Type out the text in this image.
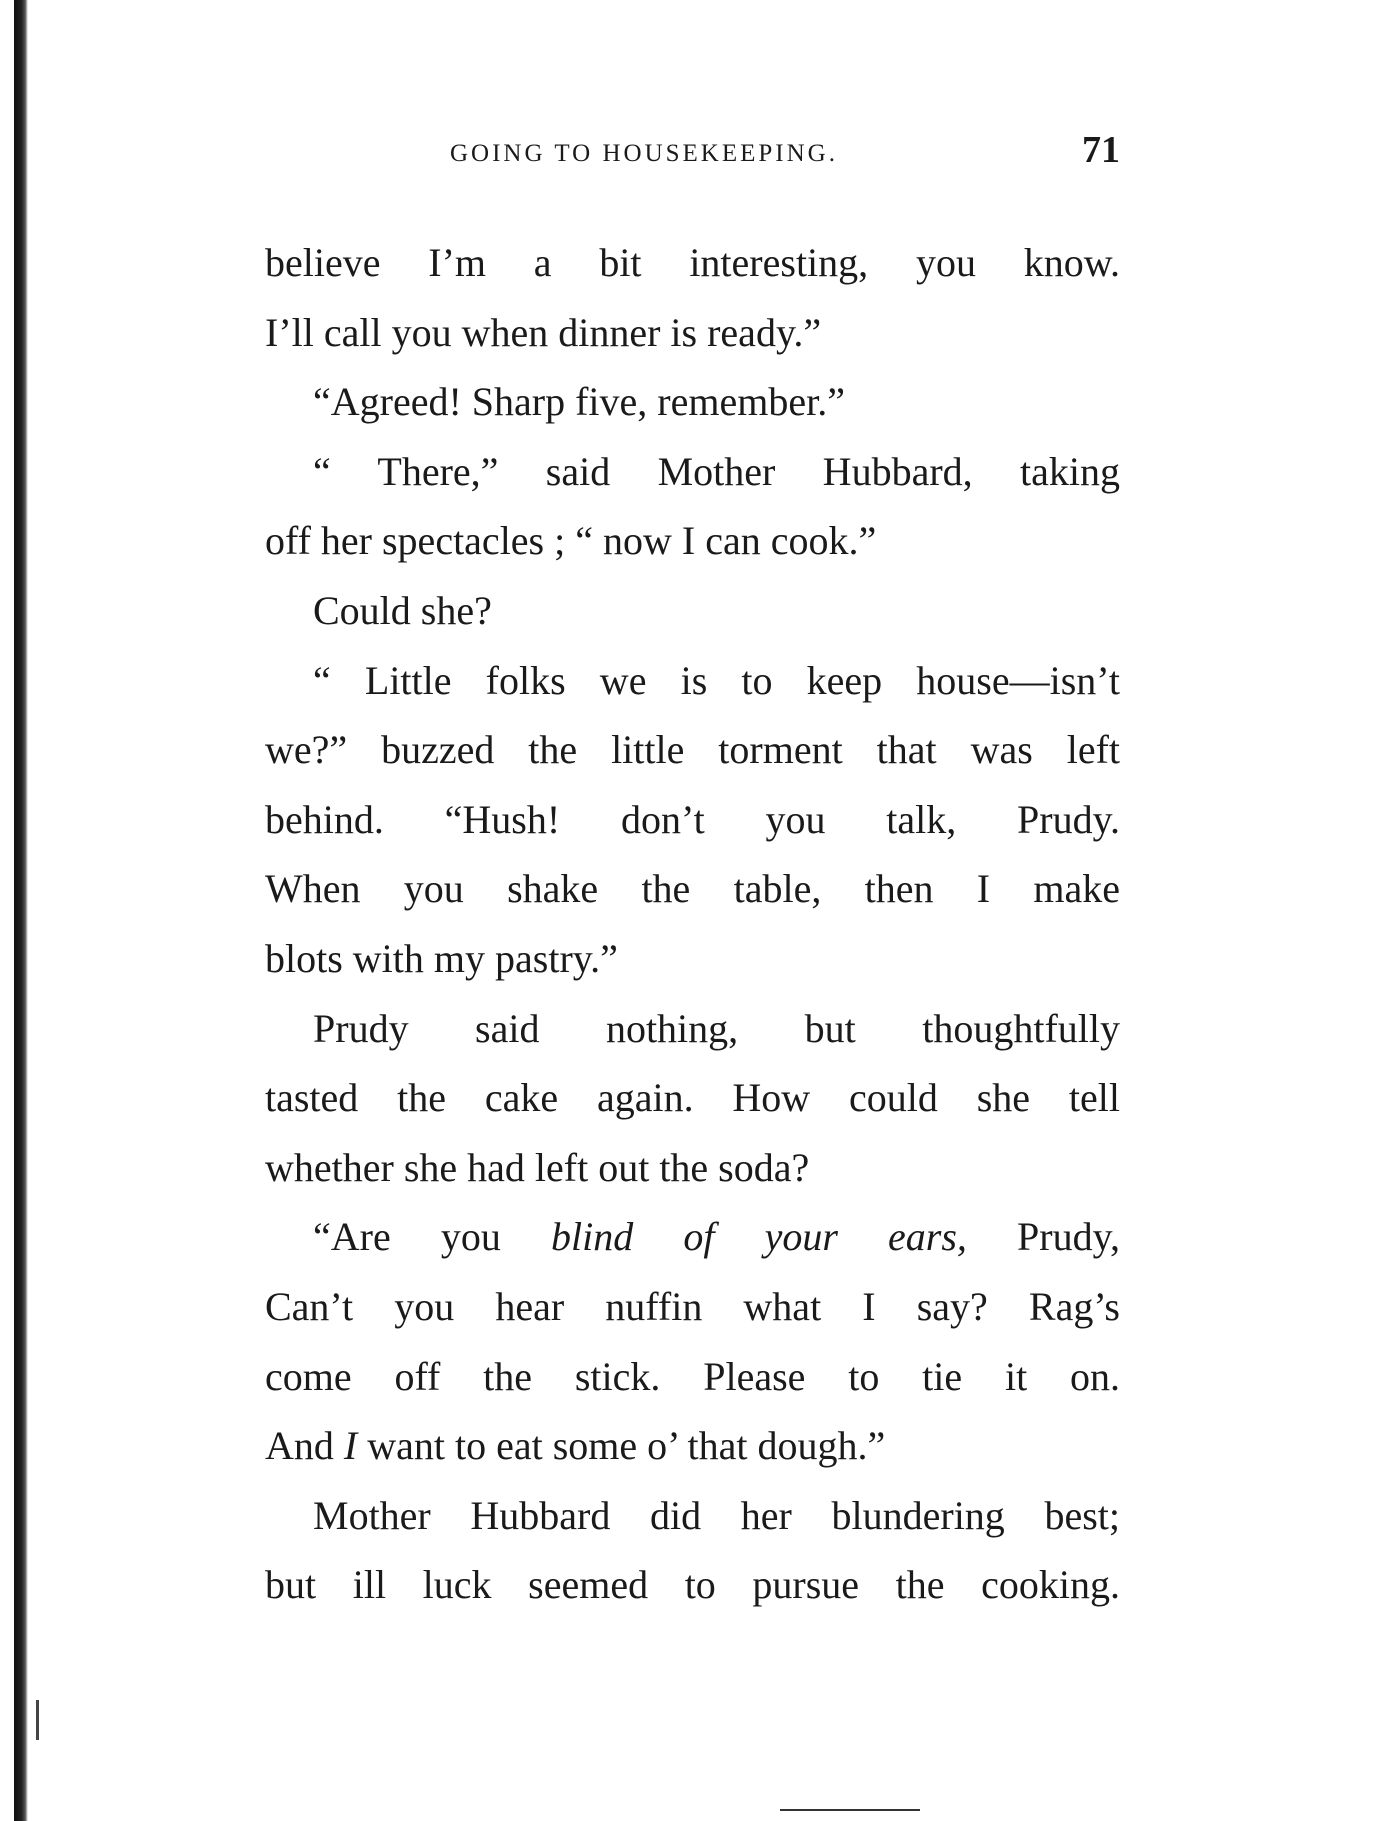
GOING TO HOUSEKEEPING.	71
believe I’m a bit interesting, you know.
I’ll call you when dinner is ready.”
“Agreed! Sharp five, remember.”
“ There,” said Mother Hubbard, taking
off her spectacles ; “ now I can cook.”
Could she?
“ Little folks we is to keep house—isn’t
we?” buzzed the little torment that was left
behind. “Hush! don’t you talk, Prudy.
When you shake the table, then I make
blots with my pastry.”
Prudy said nothing, but thoughtfully
tasted the cake again. How could she tell
whether she had left out the soda?
“Are you blind of your ears, Prudy,
Can’t you hear nuffin what I say? Rag’s
come off the stick. Please to tie it on.
And I want to eat some o’ that dough.”
Mother Hubbard did her blundering best;
but ill luck seemed to pursue the cooking.
